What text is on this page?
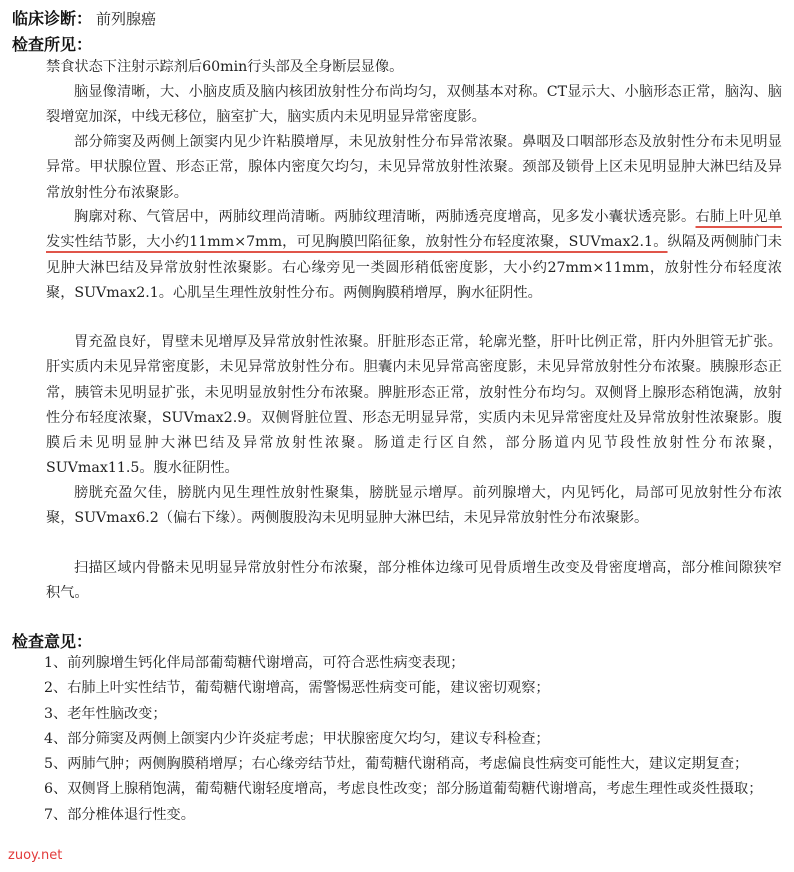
临床诊断： 前列腺癌
检查所见：

禁食状态下注射示踪剂后60min行头部及全身断层显像。

脑显像清晰，大、小脑皮质及脑内核团放射性分布尚均匀，双侧基本对称。CT显示大、小脑形态正常，脑沟、脑裂增宽加深，中线无移位，脑室扩大，脑实质内未见明显异常密度影。

部分筛窦及两侧上颌窦内见少许粘膜增厚，未见放射性分布异常浓聚。鼻咽及口咽部形态及放射性分布未见明显异常。甲状腺位置、形态正常，腺体内密度欠均匀，未见异常放射性浓聚。颈部及锁骨上区未见明显肿大淋巴结及异常放射性分布浓聚影。

胸廓对称、气管居中，两肺纹理尚清晰。两肺纹理清晰，两肺透亮度增高，见多发小囊状透亮影。右肺上叶见单发实性结节影，大小约11mm×7mm，可见胸膜凹陷征象，放射性分布轻度浓聚，SUVmax2.1。纵隔及两侧肺门未见肿大淋巴结及异常放射性浓聚影。右心缘旁见一类圆形稍低密度影，大小约27mm×11mm，放射性分布轻度浓聚，SUVmax2.1。心肌呈生理性放射性分布。两侧胸膜稍增厚，胸水征阴性。

胃充盈良好，胃壁未见增厚及异常放射性浓聚。肝脏形态正常，轮廓光整，肝叶比例正常，肝内外胆管无扩张。肝实质内未见异常密度影，未见异常放射性分布。胆囊内未见异常高密度影，未见异常放射性分布浓聚。胰腺形态正常，胰管未见明显扩张，未见明显放射性分布浓聚。脾脏形态正常，放射性分布均匀。双侧肾上腺形态稍饱满，放射性分布轻度浓聚，SUVmax2.9。双侧肾脏位置、形态无明显异常，实质内未见异常密度灶及异常放射性浓聚影。腹膜后未见明显肿大淋巴结及异常放射性浓聚。肠道走行区自然，部分肠道内见节段性放射性分布浓聚，SUVmax11.5。腹水征阴性。

膀胱充盈欠佳，膀胱内见生理性放射性聚集，膀胱显示增厚。前列腺增大，内见钙化，局部可见放射性分布浓聚，SUVmax6.2（偏右下缘）。两侧腹股沟未见明显肿大淋巴结，未见异常放射性分布浓聚影。

扫描区域内骨骼未见明显异常放射性分布浓聚，部分椎体边缘可见骨质增生改变及骨密度增高，部分椎间隙狭窄积气。

检查意见：
1、前列腺增生钙化伴局部葡萄糖代谢增高，可符合恶性病变表现；
2、右肺上叶实性结节，葡萄糖代谢增高，需警惕恶性病变可能，建议密切观察；
3、老年性脑改变；
4、部分筛窦及两侧上颌窦内少许炎症考虑；甲状腺密度欠均匀，建议专科检查；
5、两肺气肿；两侧胸膜稍增厚；右心缘旁结节灶，葡萄糖代谢稍高，考虑偏良性病变可能性大，建议定期复查；
6、双侧肾上腺稍饱满，葡萄糖代谢轻度增高，考虑良性改变；部分肠道葡萄糖代谢增高，考虑生理性或炎性摄取；
7、部分椎体退行性变。
zuoy.net
